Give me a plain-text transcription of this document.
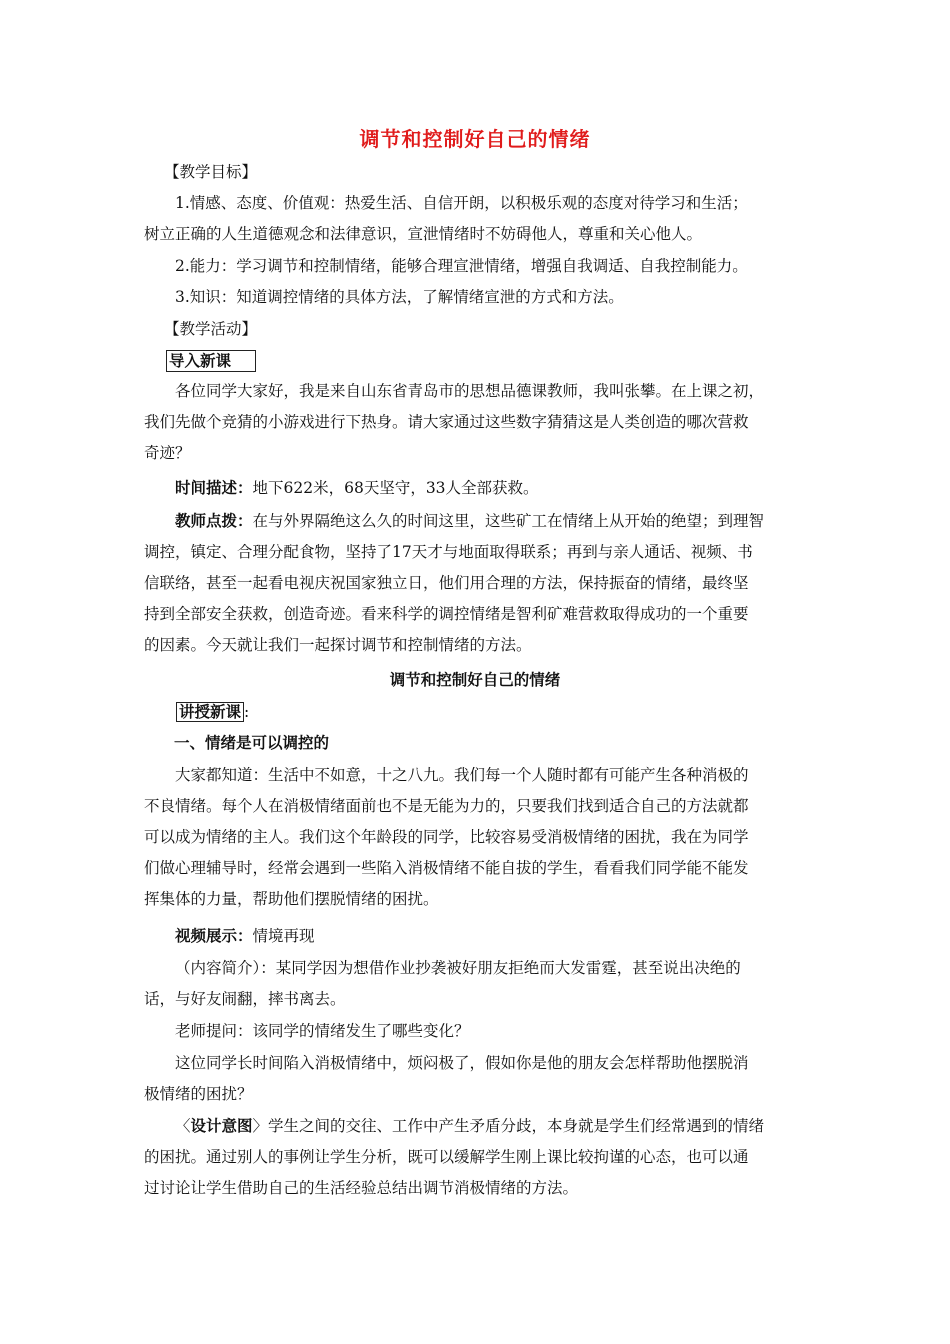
调节和控制好自己的情绪
【教学目标】
1.情感、态度、价值观：热爱生活、自信开朗，以积极乐观的态度对待学习和生活；
树立正确的人生道德观念和法律意识，宣泄情绪时不妨碍他人，尊重和关心他人。
2.能力：学习调节和控制情绪，能够合理宣泄情绪，增强自我调适、自我控制能力。
3.知识：知道调控情绪的具体方法，了解情绪宣泄的方式和方法。
【教学活动】
导入新课
各位同学大家好，我是来自山东省青岛市的思想品德课教师，我叫张攀。在上课之初，
我们先做个竞猜的小游戏进行下热身。请大家通过这些数字猜猜这是人类创造的哪次营救
奇迹？
时间描述：地下622米，68天坚守，33人全部获救。
教师点拨：在与外界隔绝这么久的时间这里，这些矿工在情绪上从开始的绝望；到理智
调控，镇定、合理分配食物，坚持了17天才与地面取得联系；再到与亲人通话、视频、书
信联络，甚至一起看电视庆祝国家独立日，他们用合理的方法，保持振奋的情绪，最终坚
持到全部安全获救，创造奇迹。看来科学的调控情绪是智利矿难营救取得成功的一个重要
的因素。今天就让我们一起探讨调节和控制情绪的方法。
调节和控制好自己的情绪
讲授新课 :
一、情绪是可以调控的
大家都知道：生活中不如意，十之八九。我们每一个人随时都有可能产生各种消极的
不良情绪。每个人在消极情绪面前也不是无能为力的，只要我们找到适合自己的方法就都
可以成为情绪的主人。我们这个年龄段的同学，比较容易受消极情绪的困扰，我在为同学
们做心理辅导时，经常会遇到一些陷入消极情绪不能自拔的学生，看看我们同学能不能发
挥集体的力量，帮助他们摆脱情绪的困扰。
视频展示：情境再现
（内容简介）：某同学因为想借作业抄袭被好朋友拒绝而大发雷霆，甚至说出决绝的
话，与好友闹翻，摔书离去。
老师提问：该同学的情绪发生了哪些变化？
这位同学长时间陷入消极情绪中，烦闷极了，假如你是他的朋友会怎样帮助他摆脱消
极情绪的困扰？
〈设计意图〉学生之间的交往、工作中产生矛盾分歧，本身就是学生们经常遇到的情绪
的困扰。通过别人的事例让学生分析，既可以缓解学生刚上课比较拘谨的心态，也可以通
过讨论让学生借助自己的生活经验总结出调节消极情绪的方法。
